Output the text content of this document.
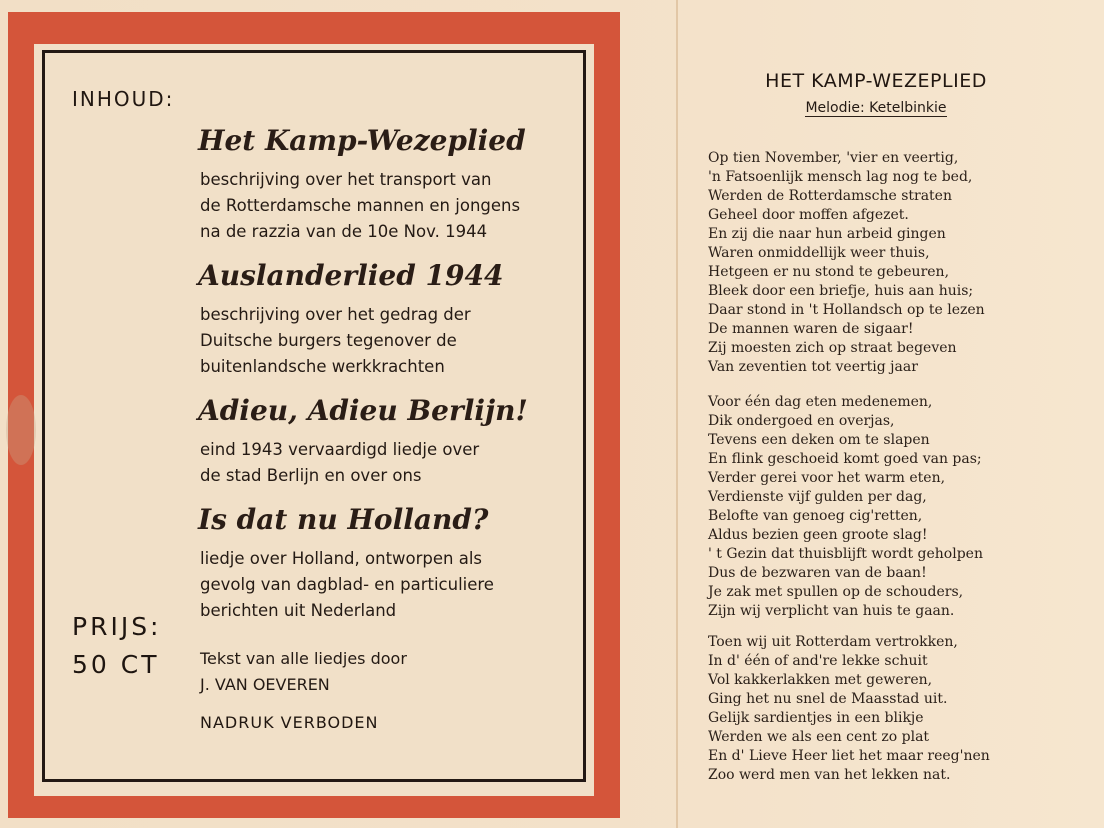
INHOUD:
Het Kamp-Wezeplied
beschrijving over het transport van
de Rotterdamsche mannen en jongens
na de razzia van de 10e Nov. 1944
Auslanderlied 1944
beschrijving over het gedrag der
Duitsche burgers tegenover de
buitenlandsche werkkrachten
Adieu, Adieu Berlijn!
eind 1943 vervaardigd liedje over
de stad Berlijn en over ons
Is dat nu Holland?
liedje over Holland, ontworpen als
gevolg van dagblad- en particuliere
berichten uit Nederland
PRIJS:
50 CT	Tekst van alle liedjes door
J. VAN OEVEREN
NADRUK VERBODEN
HET KAMP-WEZEPLIED
Melodie: Ketelbinkie
Op tien November, 'vier en veertig,
'n Fatsoenlijk mensch lag nog te bed,
Werden de Rotterdamsche straten
Geheel door moffen afgezet.
En zij die naar hun arbeid gingen
Waren onmiddellijk weer thuis,
Hetgeen er nu stond te gebeuren,
Bleek door een briefje, huis aan huis;
Daar stond in 't Hollandsch op te lezen
De mannen waren de sigaar!
Zij moesten zich op straat begeven
Van zeventien tot veertig jaar
Voor één dag eten medenemen,
Dik ondergoed en overjas,
Tevens een deken om te slapen
En flink geschoeid komt goed van pas;
Verder gerei voor het warm eten,
Verdienste vijf gulden per dag,
Belofte van genoeg cig'retten,
Aldus bezien geen groote slag!
' t Gezin dat thuisblijft wordt geholpen
Dus de bezwaren van de baan!
Je zak met spullen op de schouders,
Zijn wij verplicht van huis te gaan.
Toen wij uit Rotterdam vertrokken,
In d' één of and're lekke schuit
Vol kakkerlakken met geweren,
Ging het nu snel de Maasstad uit.
Gelijk sardientjes in een blikje
Werden we als een cent zo plat
En d' Lieve Heer liet het maar reeg'nen
Zoo werd men van het lekken nat.
